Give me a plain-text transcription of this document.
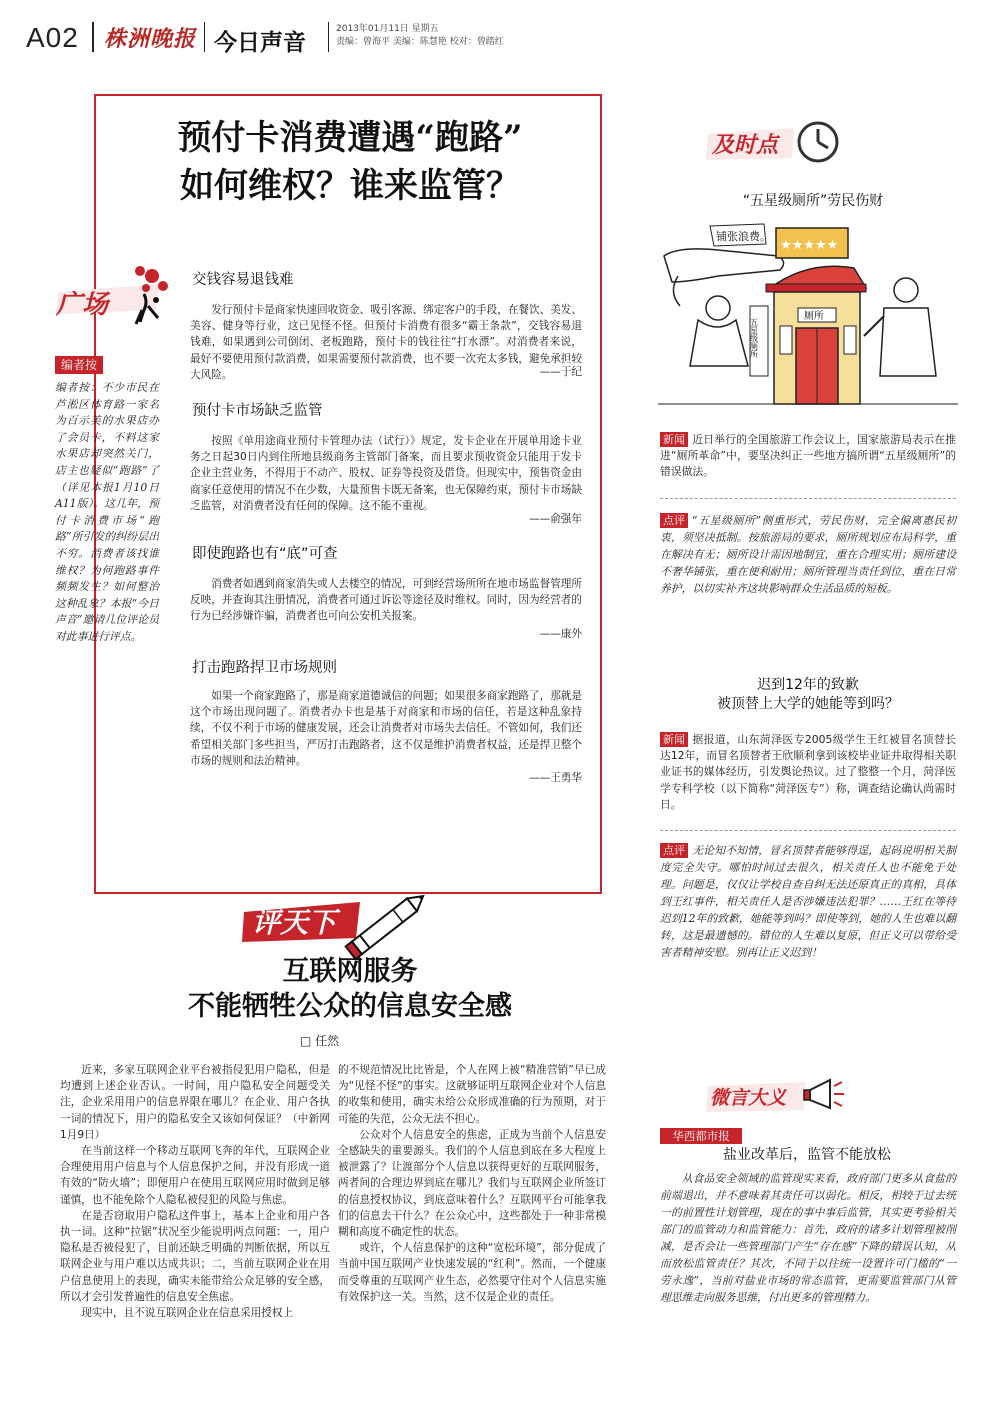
A02 株洲晚报 今日声音
2013年01月11日 星期五
责编：曾海平 美编：陈慧艳 校对：曾踏红
预付卡消费遭遇“跑路”
如何维权？谁来监管？
广场
编者按
编者按：不少市民在芦淞区体育路一家名为百示美的水果店办了会员卡，不料这家水果店却突然关门，店主也疑似“跑路”了（详见本报1月10日A11版）。这几年，预付卡消费市场“跑路”所引发的纠纷层出不穷。消费者该找谁维权？为何跑路事件频频发生？如何整治这种乱象？本报“今日声音”邀请几位评论员对此事进行评点。
交钱容易退钱难
发行预付卡是商家快速回收资金、吸引客源、绑定客户的手段，在餐饮、美发、美容、健身等行业，这已见怪不怪。但预付卡消费有很多“霸王条款”，交钱容易退钱难，如果遇到公司倒闭、老板跑路，预付卡的钱往往“打水漂”。对消费者来说，最好不要使用预付款消费，如果需要预付款消费，也不要一次充太多钱，避免承担较大风险。	——于纪
预付卡市场缺乏监管
按照《单用途商业预付卡管理办法（试行）》规定，发卡企业在开展单用途卡业务之日起30日内到住所地县级商务主管部门备案，而且要求预收资金只能用于发卡企业主营业务，不得用于不动产、股权、证券等投资及借贷。但现实中，预售资金由商家任意使用的情况不在少数，大量预售卡既无备案，也无保障约束，预付卡市场缺乏监管，对消费者没有任何的保障。这不能不重视。
——俞强年
即使跑路也有“底”可查
消费者如遇到商家消失或人去楼空的情况，可到经营场所所在地市场监督管理所反映，并查询其注册情况，消费者可通过诉讼等途径及时维权。同时，因为经营者的行为已经涉嫌诈骗，消费者也可向公安机关报案。
——康外
打击跑路捍卫市场规则
如果一个商家跑路了，那是商家道德诚信的问题；如果很多商家跑路了，那就是这个市场出现问题了。消费者办卡也是基于对商家和市场的信任，若是这种乱象持续，不仅不利于市场的健康发展，还会让消费者对市场失去信任。不管如何，我们还希望相关部门多些担当，严厉打击跑路者，这不仅是维护消费者权益，还是捍卫整个市场的规则和法治精神。
——王勇华
评天下
互联网服务
不能牺牲公众的信息安全感
□ 任然

近来，多家互联网企业平台被指侵犯用户隐私，但是均遭到上述企业否认。一时间，用户隐私安全问题受关注，企业采用用户的信息界限在哪儿？在企业、用户各执一词的情况下，用户的隐私安全又该如何保证？（中新网1月9日）

在当前这样一个移动互联网飞奔的年代，互联网企业合理使用用户信息与个人信息保护之间，并没有形成一道有效的“防火墙”；即便用户在使用互联网应用时做到足够谨慎，也不能免除个人隐私被侵犯的风险与焦虑。

在是否窃取用户隐私这件事上，基本上企业和用户各执一词。这种“拉锯”状况至少能说明两点问题：一，用户隐私是否被侵犯了，目前还缺乏明确的判断依据，所以互联网企业与用户难以达成共识；二，当前互联网企业在用户信息使用上的表现，确实未能带给公众足够的安全感，所以才会引发普遍性的信息安全焦虑。

现实中，且不说互联网企业在信息采用授权上

的不规范情况比比皆是，个人在网上被“精准营销”早已成为“见怪不怪”的事实。这就够证明互联网企业对个人信息的收集和使用，确实未给公众形成准确的行为预期，对于可能的失范，公众无法不担心。

公众对个人信息安全的焦虑，正成为当前个人信息安全感缺失的重要源头。我们的个人信息到底在多大程度上被泄露了？让渡部分个人信息以获得更好的互联网服务，两者间的合理边界到底在哪儿？我们与互联网企业所签订的信息授权协议，到底意味着什么？互联网平台可能拿我们的信息去干什么？在公众心中，这些都处于一种非常模糊和高度不确定性的状态。

或许，个人信息保护的这种“宽松环境”，部分促成了当前中国互联网产业快速发展的“红利”。然而，一个健康而受尊重的互联网产业生态，必然要守住对个人信息实施有效保护这一关。当然，这不仅是企业的责任。

及时点
“五星级厕所”劳民伤财
铺张浪费。
★★★★★
厕所
五星级厕所
新闻 近日举行的全国旅游工作会议上，国家旅游局表示在推进“厕所革命”中，要坚决纠正一些地方搞所谓“五星级厕所”的错误做法。
点评 “五星级厕所”侧重形式，劳民伤财，完全偏离惠民初衷，须坚决抵制。按旅游局的要求，厕所规划应布局科学，重在解决有无；厕所设计需因地制宜，重在合理实用；厕所建设不奢华铺张，重在便利耐用；厕所管理当责任到位，重在日常养护，以切实补齐这块影响群众生活品质的短板。
迟到12年的致歉
被顶替上大学的她能等到吗？
新闻 据报道，山东菏泽医专2005级学生王红被冒名顶替长达12年，而冒名顶替者王欣顺利拿到该校毕业证并取得相关职业证书的媒体经历，引发舆论热议。过了整整一个月，菏泽医学专科学校（以下简称“菏泽医专”）称，调查结论确认尚需时日。
点评 无论知不知情，冒名顶替者能够得逞，起码说明相关制度完全失守。哪怕时间过去很久，相关责任人也不能免于处理。问题是，仅仅让学校自查自纠无法还原真正的真相，具体到王红事件，相关责任人是否涉嫌违法犯罪？……王红在等待迟到12年的致歉，她能等到吗？即使等到，她的人生也难以翻转，这是最遗憾的。错位的人生难以复原，但正义可以带给受害者精神安慰。别再让正义迟到！
微言大义
华西都市报
盐业改革后，监管不能放松
从食品安全领域的监管现实来看，政府部门更多从食盐的前端退出，并不意味着其责任可以弱化。相反，相较于过去统一的前置性计划管理，现在的事中事后监管，其实更考验相关部门的监管动力和监管能力：首先，政府的诸多计划管理被削减，是否会让一些管理部门产生“存在感”下降的错误认知，从而放松监管责任？其次，不同于以往统一设置许可门槛的“一劳永逸”，当前对盐业市场的常态监管，更需要监管部门从管理思维走向服务思维，付出更多的管理精力。
